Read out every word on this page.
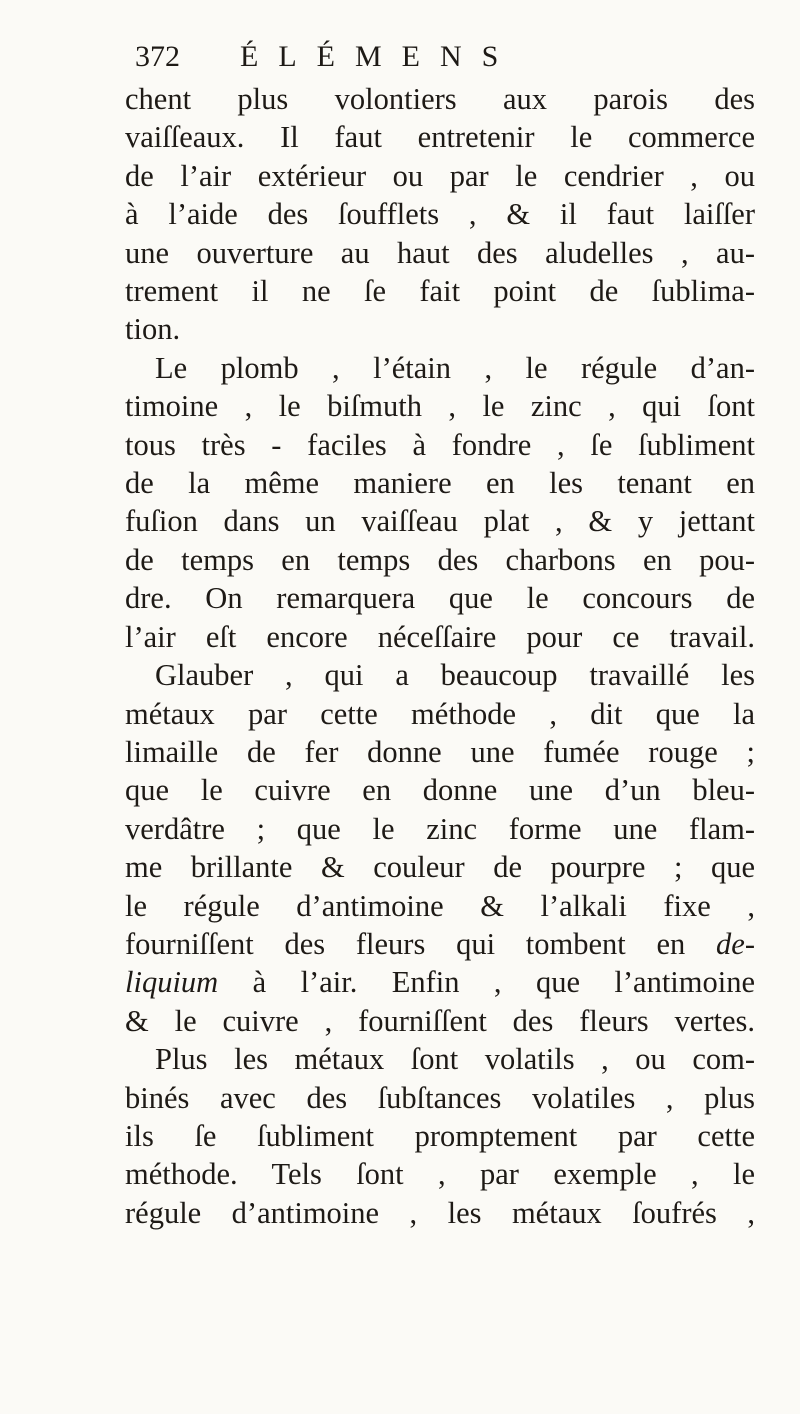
372 ÉLÉMENS
chent plus volontiers aux parois des
vaiſſeaux. Il faut entretenir le commerce
de l’air extérieur ou par le cendrier , ou
à l’aide des ſoufflets , & il faut laiſſer
une ouverture au haut des aludelles , au-
trement il ne ſe fait point de ſublima-
tion.
Le plomb , l’étain , le régule d’an-
timoine , le biſmuth , le zinc , qui ſont
tous très - faciles à fondre , ſe ſubliment
de la même maniere en les tenant en
fuſion dans un vaiſſeau plat , & y jettant
de temps en temps des charbons en pou-
dre. On remarquera que le concours de
l’air eſt encore néceſſaire pour ce travail.
Glauber , qui a beaucoup travaillé les
métaux par cette méthode , dit que la
limaille de fer donne une fumée rouge ;
que le cuivre en donne une d’un bleu-
verdâtre ; que le zinc forme une flam-
me brillante & couleur de pourpre ; que
le régule d’antimoine & l’alkali fixe ,
fourniſſent des fleurs qui tombent en de-
liquium à l’air. Enfin , que l’antimoine
& le cuivre , fourniſſent des fleurs vertes.
Plus les métaux ſont volatils , ou com-
binés avec des ſubſtances volatiles , plus
ils ſe ſubliment promptement par cette
méthode. Tels ſont , par exemple , le
régule d’antimoine , les métaux ſoufrés ,
